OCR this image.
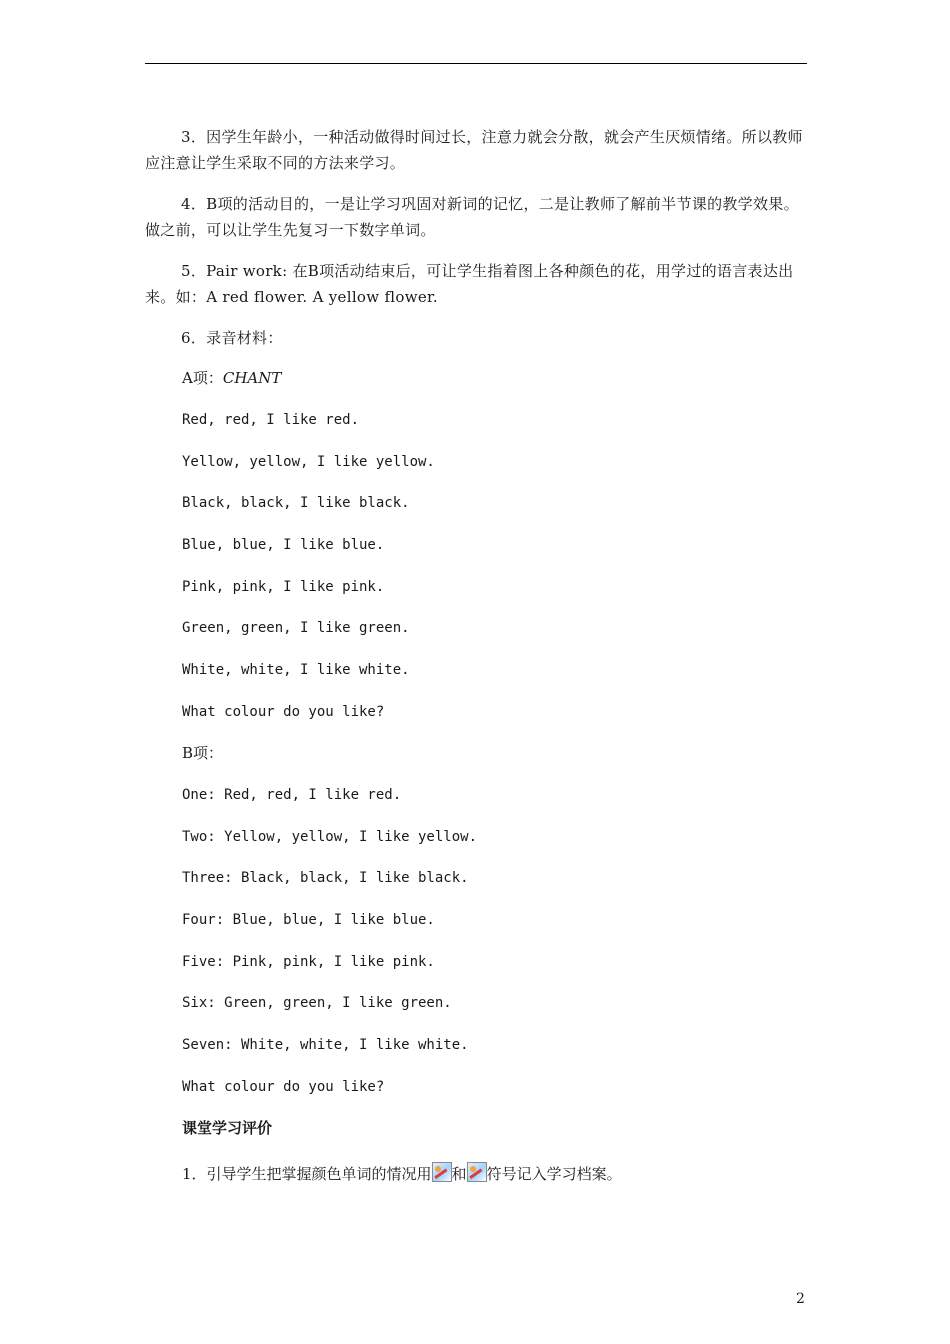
3．因学生年龄小，一种活动做得时间过长，注意力就会分散，就会产生厌烦情绪。所以教师应注意让学生采取不同的方法来学习。
4．B项的活动目的，一是让学习巩固对新词的记忆，二是让教师了解前半节课的教学效果。做之前，可以让学生先复习一下数字单词。
5．Pair work: 在B项活动结束后，可让学生指着图上各种颜色的花，用学过的语言表达出来。如：A red flower. A yellow flower.
6．录音材料：
A项：CHANT
Red, red, I like red.
Yellow, yellow, I like yellow.
Black, black, I like black.
Blue, blue, I like blue.
Pink, pink, I like pink.
Green, green, I like green.
White, white, I like white.
What colour do you like?
B项：
One: Red, red, I like red.
Two: Yellow, yellow, I like yellow.
Three: Black, black, I like black.
Four: Blue, blue, I like blue.
Five: Pink, pink, I like pink.
Six: Green, green, I like green.
Seven: White, white, I like white.
What colour do you like?
课堂学习评价
1．引导学生把掌握颜色单词的情况用 和 符号记入学习档案。
2
